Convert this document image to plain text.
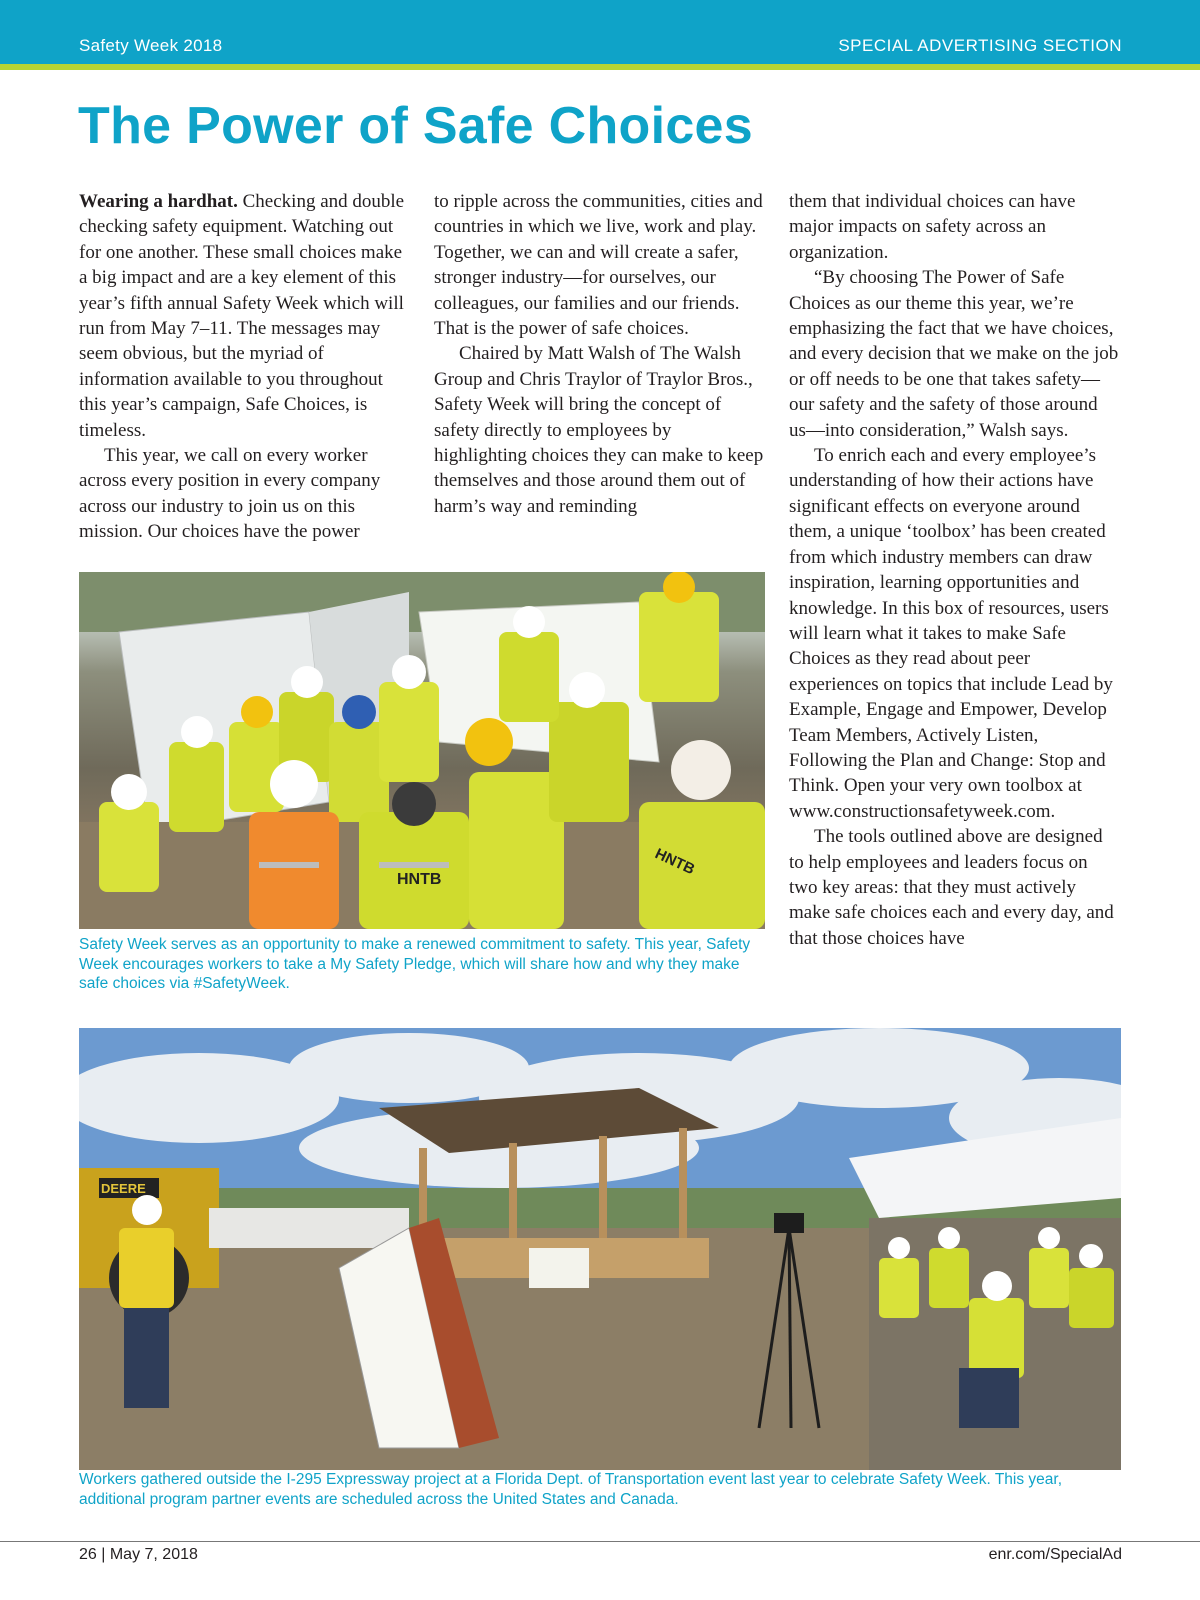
Safety Week 2018	SPECIAL ADVERTISING SECTION
The Power of Safe Choices

Wearing a hardhat. Checking and double checking safety equipment. Watching out for one another. These small choices make a big impact and are a key element of this year’s fifth annual Safety Week which will run from May 7–11. The messages may seem obvious, but the myriad of information available to you throughout this year’s campaign, Safe Choices, is timeless.

This year, we call on every worker across every position in every company across our industry to join us on this mission. Our choices have the power

to ripple across the communities, cities and countries in which we live, work and play. Together, we can and will create a safer, stronger industry—for ourselves, our colleagues, our families and our friends. That is the power of safe choices.

Chaired by Matt Walsh of The Walsh Group and Chris Traylor of Traylor Bros., Safety Week will bring the concept of safety directly to employees by highlighting choices they can make to keep themselves and those around them out of harm’s way and reminding

them that individual choices can have major impacts on safety across an organization.

“By choosing The Power of Safe Choices as our theme this year, we’re emphasizing the fact that we have choices, and every decision that we make on the job or off needs to be one that takes safety—our safety and the safety of those around us—into consideration,” Walsh says.

To enrich each and every employee’s understanding of how their actions have significant effects on everyone around them, a unique ‘toolbox’ has been created from which industry members can draw inspiration, learning opportunities and knowledge. In this box of resources, users will learn what it takes to make Safe Choices as they read about peer experiences on topics that include Lead by Example, Engage and Empower, Develop Team Members, Actively Listen, Following the Plan and Change: Stop and Think. Open your very own toolbox at www.constructionsafetyweek.com.

The tools outlined above are designed to help employees and leaders focus on two key areas: that they must actively make safe choices each and every day, and that those choices have

HNTB
HNTB

Safety Week serves as an opportunity to make a renewed commitment to safety. This year, Safety Week encourages workers to take a My Safety Pledge, which will share how and why they make safe choices via #SafetyWeek.

DEERE

Workers gathered outside the I-295 Expressway project at a Florida Dept. of Transportation event last year to celebrate Safety Week. This year, additional program partner events are scheduled across the United States and Canada.

26 | May 7, 2018	enr.com/SpecialAd
